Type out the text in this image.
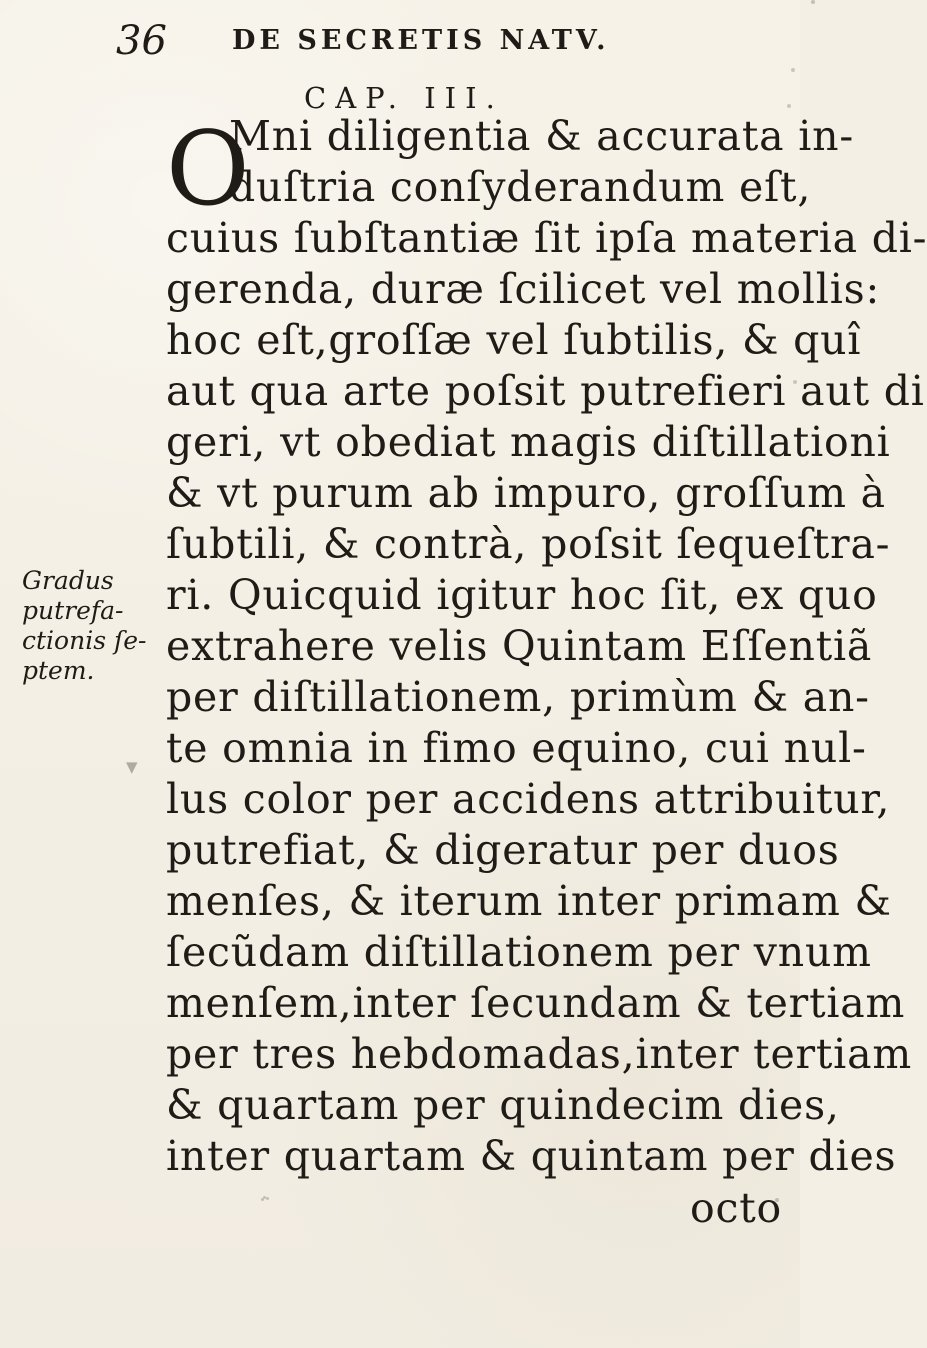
36 DE SECRETIS NATV.
CAP. III.
O
Mni diligentia & accurata in-
duſtria conſyderandum eſt,
cuius ſubſtantiæ ſit ipſa materia di-
gerenda, duræ ſcilicet vel mollis:
hoc eſt,groſſæ vel ſubtilis, & quî
aut qua arte poſsit putrefieri aut di
geri, vt obediat magis diſtillationi
& vt purum ab impuro, groſſum à
ſubtili, & contrà, poſsit ſequeſtra-
ri. Quicquid igitur hoc ſit, ex quo
extrahere velis Quintam Eſſentiã
per diſtillationem, primùm & an-
te omnia in fimo equino, cui nul-
lus color per accidens attribuitur,
putrefiat, & digeratur per duos
menſes, & iterum inter primam &
ſecũdam diſtillationem per vnum
menſem,inter ſecundam & tertiam
per tres hebdomadas,inter tertiam
& quartam per quindecim dies,
inter quartam & quintam per dies
octo
Gradus
putrefa-
ctionis ſe-
ptem.
▼
